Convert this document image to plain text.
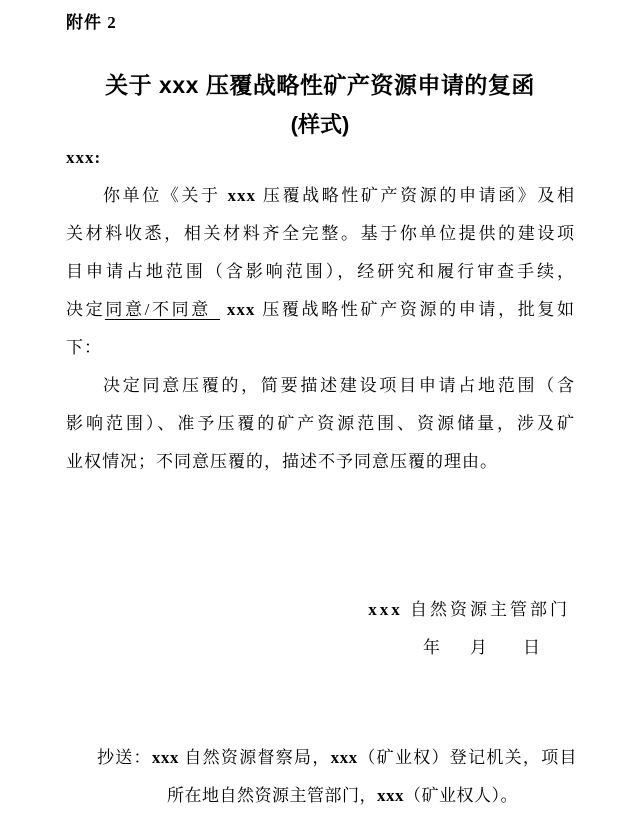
附件 2
关于 xxx 压覆战略性矿产资源申请的复函
(样式)
xxx:
你单位《关于 xxx 压覆战略性矿产资源的申请函》及相
关材料收悉，相关材料齐全完整。基于你单位提供的建设项
目申请占地范围（含影响范围），经研究和履行审查手续，
决定同意/不同意 xxx 压覆战略性矿产资源的申请，批复如
下：
决定同意压覆的，简要描述建设项目申请占地范围（含
影响范围）、准予压覆的矿产资源范围、资源储量，涉及矿
业权情况；不同意压覆的，描述不予同意压覆的理由。
xxx 自然资源主管部门
年 月 日
抄送：xxx 自然资源督察局，xxx（矿业权）登记机关，项目
所在地自然资源主管部门，xxx（矿业权人）。
